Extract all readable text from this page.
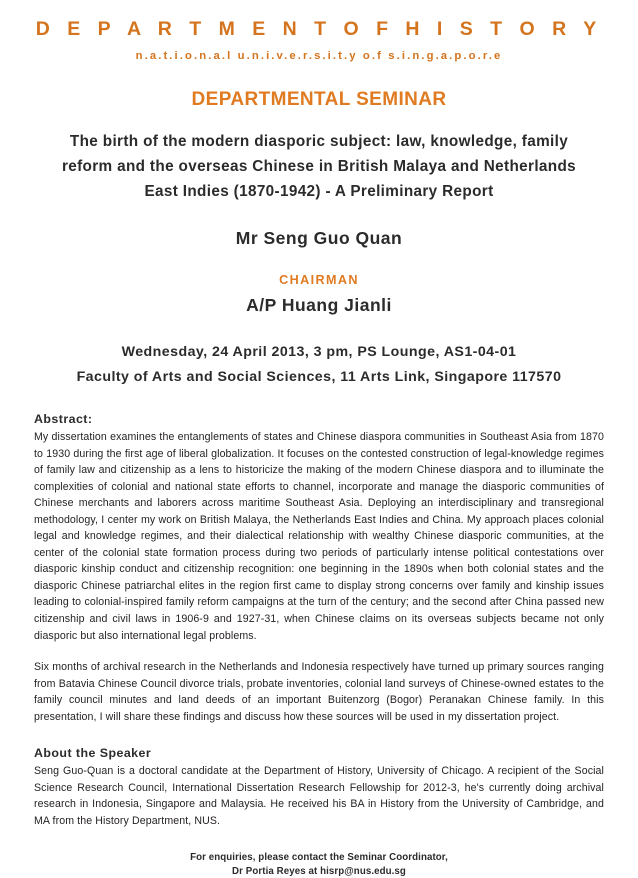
D E P A R T M E N T O F H I S T O R Y
n.a.t.i.o.n.a.l u.n.i.v.e.r.s.i.t.y o.f s.i.n.g.a.p.o.r.e
DEPARTMENTAL SEMINAR
The birth of the modern diasporic subject: law, knowledge, family reform and the overseas Chinese in British Malaya and Netherlands East Indies (1870-1942) - A Preliminary Report
Mr Seng Guo Quan
CHAIRMAN
A/P Huang Jianli
Wednesday, 24 April 2013, 3 pm, PS Lounge, AS1-04-01
Faculty of Arts and Social Sciences, 11 Arts Link, Singapore 117570
Abstract:

My dissertation examines the entanglements of states and Chinese diaspora communities in Southeast Asia from 1870 to 1930 during the first age of liberal globalization. It focuses on the contested construction of legal-knowledge regimes of family law and citizenship as a lens to historicize the making of the modern Chinese diaspora and to illuminate the complexities of colonial and national state efforts to channel, incorporate and manage the diasporic communities of Chinese merchants and laborers across maritime Southeast Asia. Deploying an interdisciplinary and transregional methodology, I center my work on British Malaya, the Netherlands East Indies and China. My approach places colonial legal and knowledge regimes, and their dialectical relationship with wealthy Chinese diasporic communities, at the center of the colonial state formation process during two periods of particularly intense political contestations over diasporic kinship conduct and citizenship recognition: one beginning in the 1890s when both colonial states and the diasporic Chinese patriarchal elites in the region first came to display strong concerns over family and kinship issues leading to colonial-inspired family reform campaigns at the turn of the century; and the second after China passed new citizenship and civil laws in 1906-9 and 1927-31, when Chinese claims on its overseas subjects became not only diasporic but also international legal problems.

Six months of archival research in the Netherlands and Indonesia respectively have turned up primary sources ranging from Batavia Chinese Council divorce trials, probate inventories, colonial land surveys of Chinese-owned estates to the family council minutes and land deeds of an important Buitenzorg (Bogor) Peranakan Chinese family. In this presentation, I will share these findings and discuss how these sources will be used in my dissertation project.

About the Speaker

Seng Guo-Quan is a doctoral candidate at the Department of History, University of Chicago. A recipient of the Social Science Research Council, International Dissertation Research Fellowship for 2012-3, he's currently doing archival research in Indonesia, Singapore and Malaysia. He received his BA in History from the University of Cambridge, and MA from the History Department, NUS.

For enquiries, please contact the Seminar Coordinator,
Dr Portia Reyes at hisrp@nus.edu.sg
